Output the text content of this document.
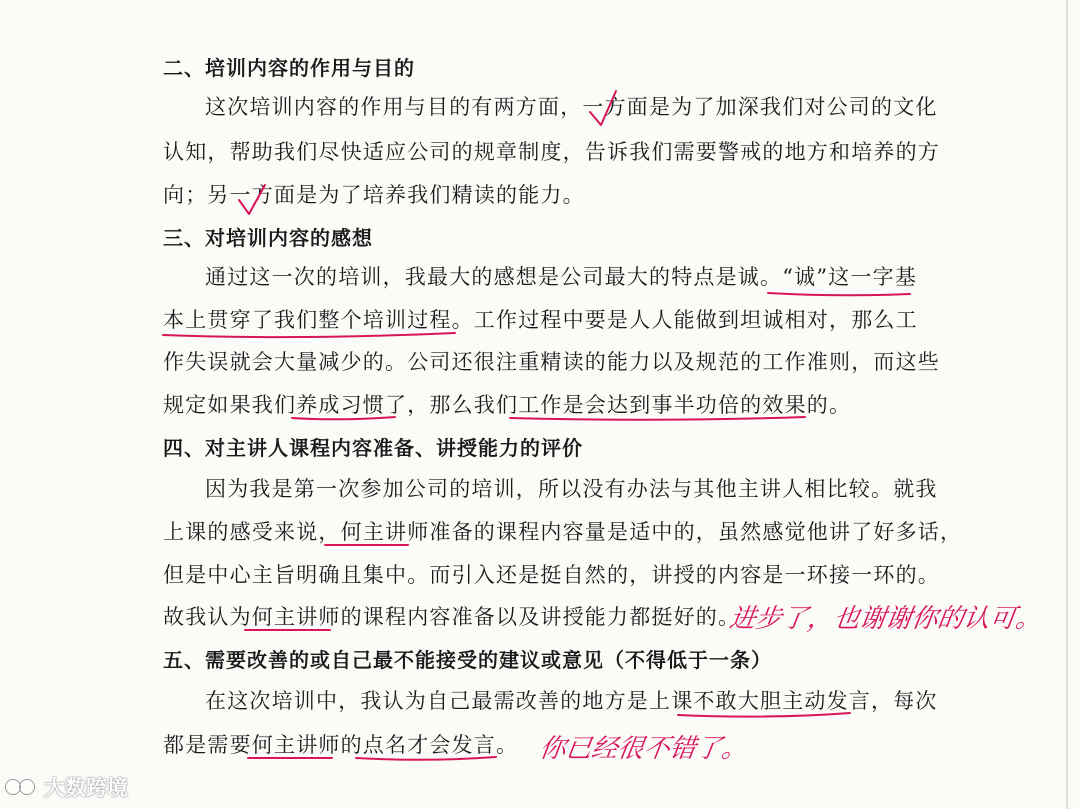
二、培训内容的作用与目的
这次培训内容的作用与目的有两方面，一方面是为了加深我们对公司的文化
认知，帮助我们尽快适应公司的规章制度，告诉我们需要警戒的地方和培养的方
向；另一方面是为了培养我们精读的能力。
三、对培训内容的感想
通过这一次的培训，我最大的感想是公司最大的特点是诚。“诚”这一字基
本上贯穿了我们整个培训过程。工作过程中要是人人能做到坦诚相对，那么工
作失误就会大量减少的。公司还很注重精读的能力以及规范的工作准则，而这些
规定如果我们养成习惯了，那么我们工作是会达到事半功倍的效果的。
四、对主讲人课程内容准备、讲授能力的评价
因为我是第一次参加公司的培训，所以没有办法与其他主讲人相比较。就我
上课的感受来说，何主讲师准备的课程内容量是适中的，虽然感觉他讲了好多话，
但是中心主旨明确且集中。而引入还是挺自然的，讲授的内容是一环接一环的。
故我认为何主讲师的课程内容准备以及讲授能力都挺好的。
五、需要改善的或自己最不能接受的建议或意见（不得低于一条）
在这次培训中，我认为自己最需改善的地方是上课不敢大胆主动发言，每次
都是需要何主讲师的点名才会发言。
进步了，也谢谢你的认可。
你已经很不错了。
大数跨境
